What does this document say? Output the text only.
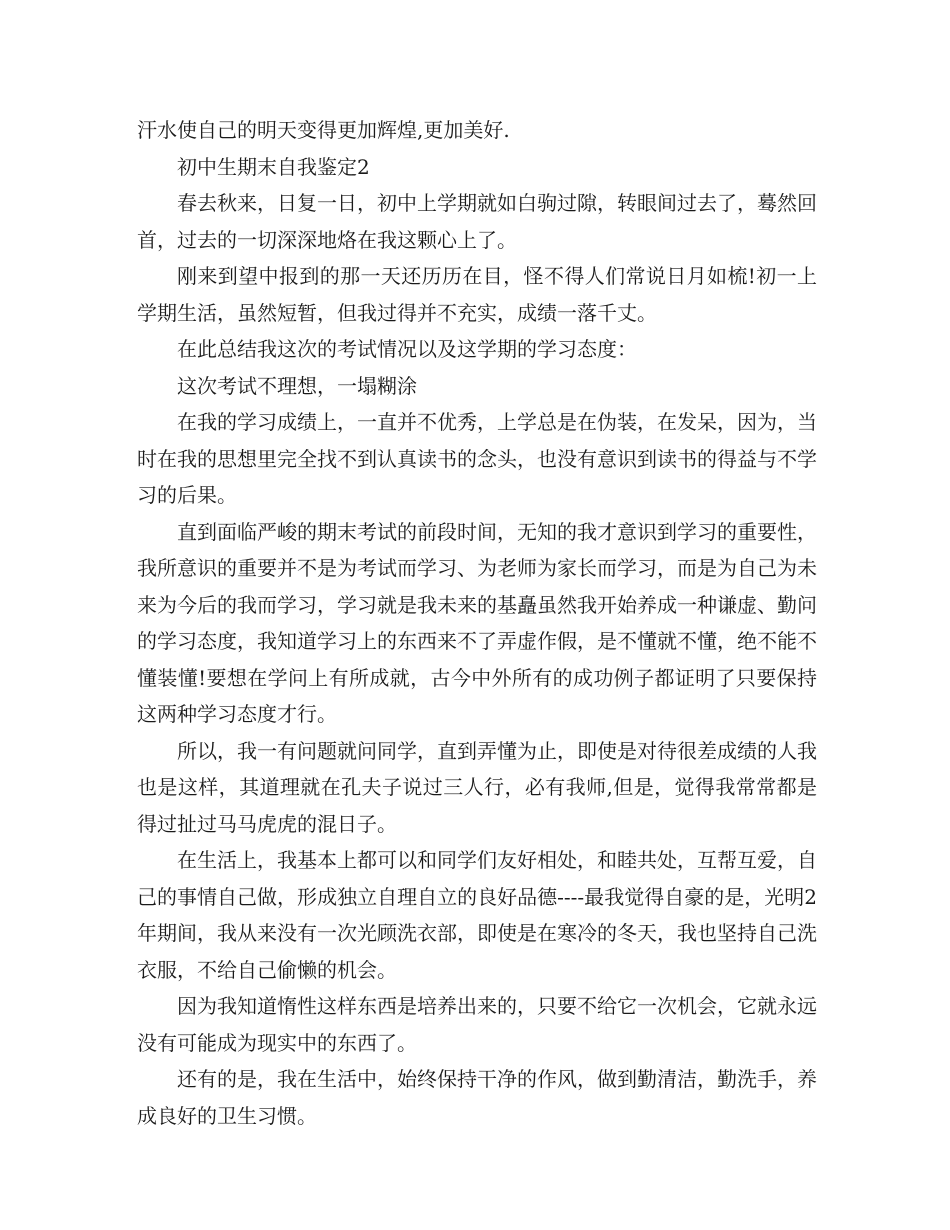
汗水使自己的明天变得更加辉煌,更加美好.

初中生期末自我鉴定2

春去秋来，日复一日，初中上学期就如白驹过隙，转眼间过去了，蓦然回首，过去的一切深深地烙在我这颗心上了。

刚来到望中报到的那一天还历历在目，怪不得人们常说日月如梳!初一上学期生活，虽然短暂，但我过得并不充实，成绩一落千丈。

在此总结我这次的考试情况以及这学期的学习态度：

这次考试不理想，一塌糊涂

在我的学习成绩上，一直并不优秀，上学总是在伪装，在发呆，因为，当时在我的思想里完全找不到认真读书的念头，也没有意识到读书的得益与不学习的后果。

直到面临严峻的期末考试的前段时间，无知的我才意识到学习的重要性，我所意识的重要并不是为考试而学习、为老师为家长而学习，而是为自己为未来为今后的我而学习，学习就是我未来的基矗虽然我开始养成一种谦虚、勤问的学习态度，我知道学习上的东西来不了弄虚作假，是不懂就不懂，绝不能不懂装懂!要想在学问上有所成就，古今中外所有的成功例子都证明了只要保持这两种学习态度才行。

所以，我一有问题就问同学，直到弄懂为止，即使是对待很差成绩的人我也是这样，其道理就在孔夫子说过三人行，必有我师,但是，觉得我常常都是得过扯过马马虎虎的混日子。

在生活上，我基本上都可以和同学们友好相处，和睦共处，互帮互爱，自己的事情自己做，形成独立自理自立的良好品德----最我觉得自豪的是，光明2年期间，我从来没有一次光顾洗衣部，即使是在寒冷的冬天，我也坚持自己洗衣服，不给自己偷懒的机会。

因为我知道惰性这样东西是培养出来的，只要不给它一次机会，它就永远没有可能成为现实中的东西了。

还有的是，我在生活中，始终保持干净的作风，做到勤清洁，勤洗手，养成良好的卫生习惯。
